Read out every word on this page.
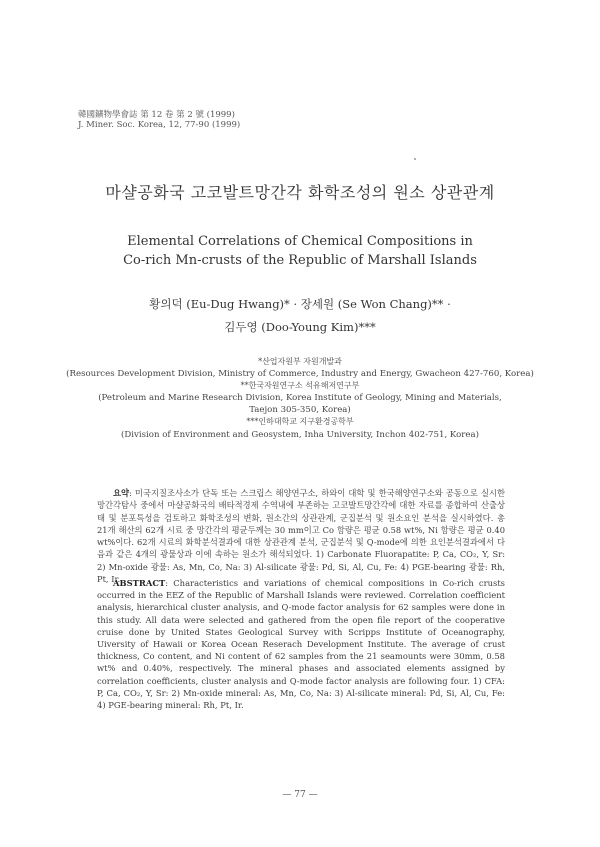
韓國鑛物學會誌 第 12 卷 第 2 號 (1999)
J. Miner. Soc. Korea, 12, 77-90 (1999)
마샬공화국 고코발트망간각 화학조성의 원소 상관관계
Elemental Correlations of Chemical Compositions in
Co-rich Mn-crusts of the Republic of Marshall Islands
황의덕 (Eu-Dug Hwang)* · 장세원 (Se Won Chang)** ·
김두영 (Doo-Young Kim)***
*산업자원부 자원개발과
(Resources Development Division, Ministry of Commerce, Industry and Energy, Gwacheon 427-760, Korea)
**한국자원연구소 석유해저연구부
(Petroleum and Marine Research Division, Korea Institute of Geology, Mining and Materials,
Taejon 305-350, Korea)
***인하대학교 지구환경공학부
(Division of Environment and Geosystem, Inha University, Inchon 402-751, Korea)
요약: 미국지질조사소가 단독 또는 스크립스 해양연구소, 하와이 대학 및 한국해양연구소와 공동으로 실시한 망간각탐사 중에서 마샬공화국의 배타적경제 수역내에 부존하는 고코발트망간각에 대한 자료를 종합하여 산출상태 및 분포특성을 검토하고 화학조성의 변화, 원소간의 상관관계, 군집분석 및 원소요인 분석을 실시하였다. 총 21개 해산의 62개 시료 중 망간각의 평균두께는 30 mm이고 Co 함량은 평균 0.58 wt%, Ni 함량은 평균 0.40 wt%이다. 62개 시료의 화학분석결과에 대한 상관관계 분석, 군집분석 및 Q-mode에 의한 요인분석결과에서 다음과 같은 4개의 광물상과 이에 속하는 원소가 해석되었다. 1) Carbonate Fluorapatite: P, Ca, CO₂, Y, Sr: 2) Mn-oxide 광물: As, Mn, Co, Na: 3) Al-silicate 광물: Pd, Si, Al, Cu, Fe: 4) PGE-bearing 광물: Rh, Pt, Ir.
ABSTRACT: Characteristics and variations of chemical compositions in Co-rich crusts occurred in the EEZ of the Republic of Marshall Islands were reviewed. Correlation coefficient analysis, hierarchical cluster analysis, and Q-mode factor analysis for 62 samples were done in this study. All data were selected and gathered from the open file report of the cooperative cruise done by United States Geological Survey with Scripps Institute of Oceanography, Uiversity of Hawaii or Korea Ocean Reserach Development Institute. The average of crust thickness, Co content, and Ni content of 62 samples from the 21 seamounts were 30mm, 0.58 wt% and 0.40%, respectively. The mineral phases and associated elements assigned by correlation coefficients, cluster analysis and Q-mode factor analysis are following four. 1) CFA: P, Ca, CO₂, Y, Sr: 2) Mn-oxide mineral: As, Mn, Co, Na: 3) Al-silicate mineral: Pd, Si, Al, Cu, Fe: 4) PGE-bearing mineral: Rh, Pt, Ir.
— 77 —
